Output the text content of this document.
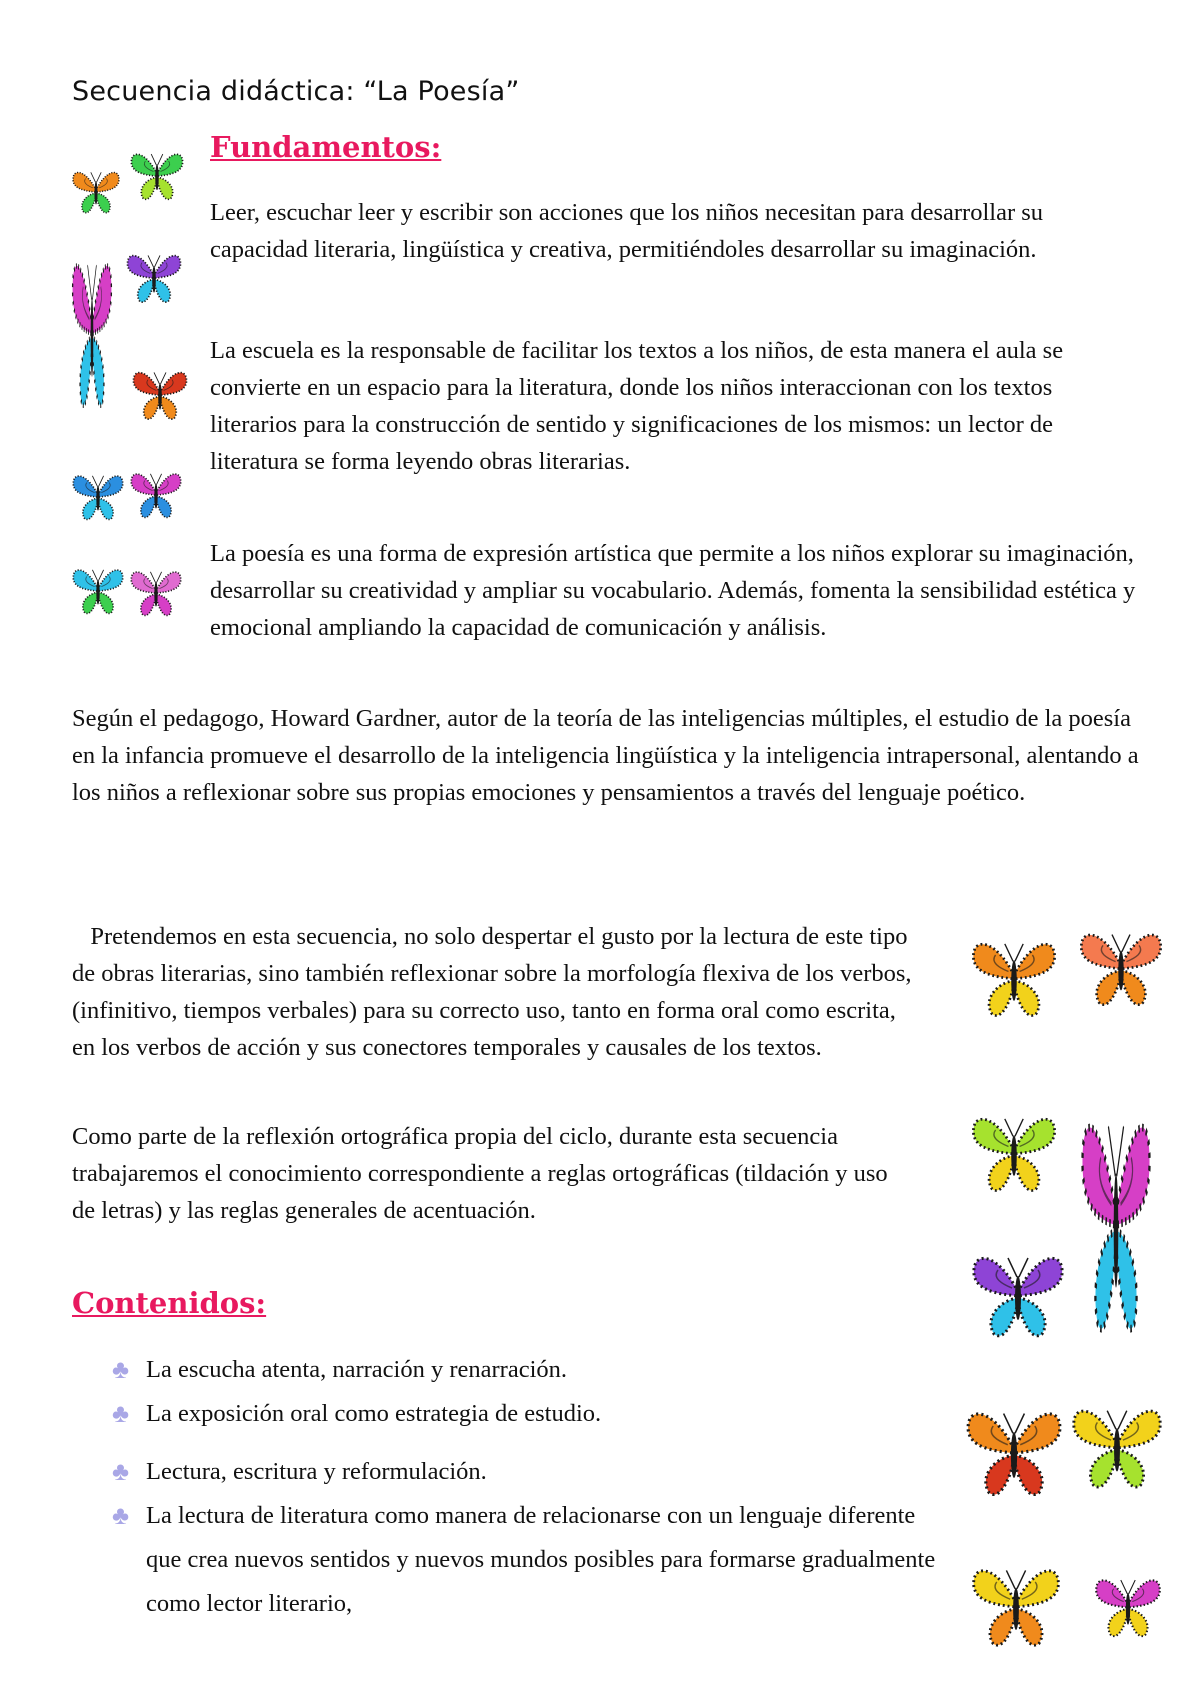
Secuencia didáctica: “La Poesía”
Fundamentos:

Leer, escuchar leer y escribir son acciones que los niños necesitan para desarrollar su capacidad literaria, lingüística y creativa, permitiéndoles desarrollar su imaginación.

La escuela es la responsable de facilitar los textos a los niños, de esta manera el aula se convierte en un espacio para la literatura, donde los niños interaccionan con los textos literarios para la construcción de sentido y significaciones de los mismos: un lector de literatura se forma leyendo obras literarias.

La poesía es una forma de expresión artística que permite a los niños explorar su imaginación, desarrollar su creatividad y ampliar su vocabulario. Además, fomenta la sensibilidad estética y emocional ampliando la capacidad de comunicación y análisis.

Según el pedagogo, Howard Gardner, autor de la teoría de las inteligencias múltiples, el estudio de la poesía en la infancia promueve el desarrollo de la inteligencia lingüística y la inteligencia intrapersonal, alentando a los niños a reflexionar sobre sus propias emociones y pensamientos a través del lenguaje poético.

Pretendemos en esta secuencia, no solo despertar el gusto por la lectura de este tipo de obras literarias, sino también reflexionar sobre la morfología flexiva de los verbos, (infinitivo, tiempos verbales) para su correcto uso, tanto en forma oral como escrita, en los verbos de acción y sus conectores temporales y causales de los textos.

Como parte de la reflexión ortográfica propia del ciclo, durante esta secuencia trabajaremos el conocimiento correspondiente a reglas ortográficas (tildación y uso de letras) y las reglas generales de acentuación.

Contenidos:
♣ La escucha atenta, narración y renarración.
♣ La exposición oral como estrategia de estudio.
♣ Lectura, escritura y reformulación.
♣ La lectura de literatura como manera de relacionarse con un lenguaje diferente que crea nuevos sentidos y nuevos mundos posibles para formarse gradualmente como lector literario,
